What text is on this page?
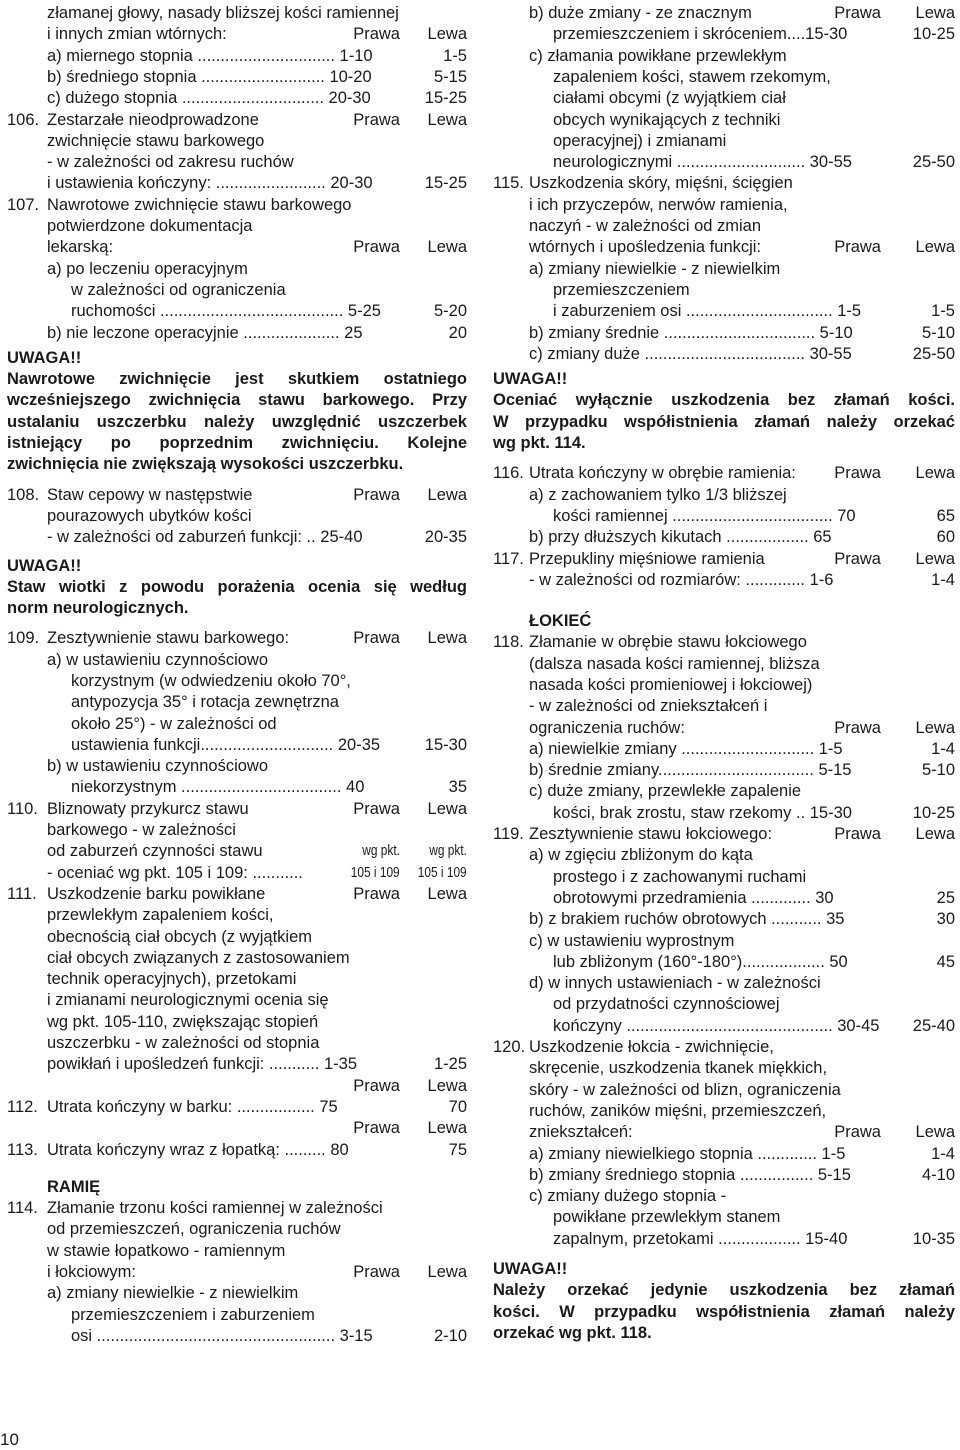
złamanej głowy, nasady bliższej kości ramiennej
i innych zmian wtórnych:	Prawa Lewa
a) miernego stopnia .............................. 1-10	1-5
b) średniego stopnia ........................... 10-20	5-15
c) dużego stopnia ............................... 20-30	15-25
106. Zestarzałe nieodprowadzone	Prawa Lewa
zwichnięcie stawu barkowego
- w zależności od zakresu ruchów
i ustawienia kończyny: ........................ 20-30	15-25
107. Nawrotowe zwichnięcie stawu barkowego
potwierdzone dokumentacja
lekarską:	Prawa Lewa
a) po leczeniu operacyjnym
w zależności od ograniczenia
ruchomości ........................................ 5-25	5-20
b) nie leczone operacyjnie ..................... 25	20
UWAGA!!
Nawrotowe zwichnięcie jest skutkiem ostatniego
wcześniejszego zwichnięcia stawu barkowego. Przy
ustalaniu uszczerbku należy uwzględnić uszczerbek
istniejący po poprzednim zwichnięciu. Kolejne
zwichnięcia nie zwiększają wysokości uszczerbku.
108. Staw cepowy w następstwie	Prawa Lewa
pourazowych ubytków kości
- w zależności od zaburzeń funkcji: .. 25-40	20-35
UWAGA!!
Staw wiotki z powodu porażenia ocenia się według
norm neurologicznych.
109. Zesztywnienie stawu barkowego:	Prawa Lewa
a) w ustawieniu czynnościowo
korzystnym (w odwiedzeniu około 70°,
antypozycja 35° i rotacja zewnętrzna
około 25°) - w zależności od
ustawienia funkcji............................. 20-35	15-30
b) w ustawieniu czynnościowo
niekorzystnym ................................... 40	35
110. Bliznowaty przykurcz stawu	Prawa Lewa
barkowego - w zależności
od zaburzeń czynności stawu	wg pkt. wg pkt.
- oceniać wg pkt. 105 i 109: ...........	105 i 109 105 i 109
111. Uszkodzenie barku powikłane	Prawa Lewa
przewlekłym zapaleniem kości,
obecnością ciał obcych (z wyjątkiem
ciał obcych związanych z zastosowaniem
technik operacyjnych), przetokami
i zmianami neurologicznymi ocenia się
wg pkt. 105-110, zwiększając stopień
uszczerbku - w zależności od stopnia
powikłań i upośledzeń funkcji: ........... 1-35	1-25
Prawa Lewa
112. Utrata kończyny w barku: ................. 75	70
Prawa Lewa
113. Utrata kończyny wraz z łopatką: ......... 80	75
RAMIĘ
114. Złamanie trzonu kości ramiennej w zależności
od przemieszczeń, ograniczenia ruchów
w stawie łopatkowo - ramiennym
i łokciowym:	Prawa Lewa
a) zmiany niewielkie - z niewielkim
przemieszczeniem i zaburzeniem
osi .................................................... 3-15	2-10
b) duże zmiany - ze znacznym	Prawa Lewa
przemieszczeniem i skróceniem....15-30	10-25
c) złamania powikłane przewlekłym
zapaleniem kości, stawem rzekomym,
ciałami obcymi (z wyjątkiem ciał
obcych wynikających z techniki
operacyjnej) i zmianami
neurologicznymi ............................ 30-55	25-50
115. Uszkodzenia skóry, mięśni, ścięgien
i ich przyczepów, nerwów ramienia,
naczyń - w zależności od zmian
wtórnych i upośledzenia funkcji:	Prawa Lewa
a) zmiany niewielkie - z niewielkim
przemieszczeniem
i zaburzeniem osi ................................ 1-5	1-5
b) zmiany średnie ................................. 5-10	5-10
c) zmiany duże ................................... 30-55	25-50
UWAGA!!
Oceniać wyłącznie uszkodzenia bez złamań kości.
W przypadku współistnienia złamań należy orzekać
wg pkt. 114.
116. Utrata kończyny w obrębie ramienia: Prawa Lewa
a) z zachowaniem tylko 1/3 bliższej
kości ramiennej ................................... 70	65
b) przy dłuższych kikutach .................. 65	60
117. Przepukliny mięśniowe ramienia	Prawa Lewa
- w zależności od rozmiarów: ............. 1-6	1-4
ŁOKIEĆ
118. Złamanie w obrębie stawu łokciowego
(dalsza nasada kości ramiennej, bliższa
nasada kości promieniowej i łokciowej)
- w zależności od zniekształceń i
ograniczenia ruchów:	Prawa Lewa
a) niewielkie zmiany ............................. 1-5	1-4
b) średnie zmiany.................................. 5-15	5-10
c) duże zmiany, przewlekłe zapalenie
kości, brak zrostu, staw rzekomy .. 15-30	10-25
119. Zesztywnienie stawu łokciowego:	Prawa Lewa
a) w zgięciu zbliżonym do kąta
prostego i z zachowanymi ruchami
obrotowymi przedramienia ............. 30	25
b) z brakiem ruchów obrotowych ........... 35	30
c) w ustawieniu wyprostnym
lub zbliżonym (160°-180°).................. 50	45
d) w innych ustawieniach - w zależności
od przydatności czynnościowej
kończyny ............................................. 30-45 25-40
120. Uszkodzenie łokcia - zwichnięcie,
skręcenie, uszkodzenia tkanek miękkich,
skóry - w zależności od blizn, ograniczenia
ruchów, zaników mięśni, przemieszczeń,
zniekształceń:	Prawa Lewa
a) zmiany niewielkiego stopnia ............. 1-5	1-4
b) zmiany średniego stopnia ................ 5-15	4-10
c) zmiany dużego stopnia -
powikłane przewlekłym stanem
zapalnym, przetokami .................. 15-40	10-35
UWAGA!!
Należy orzekać jedynie uszkodzenia bez złamań
kości. W przypadku współistnienia złamań należy
orzekać wg pkt. 118.
10
